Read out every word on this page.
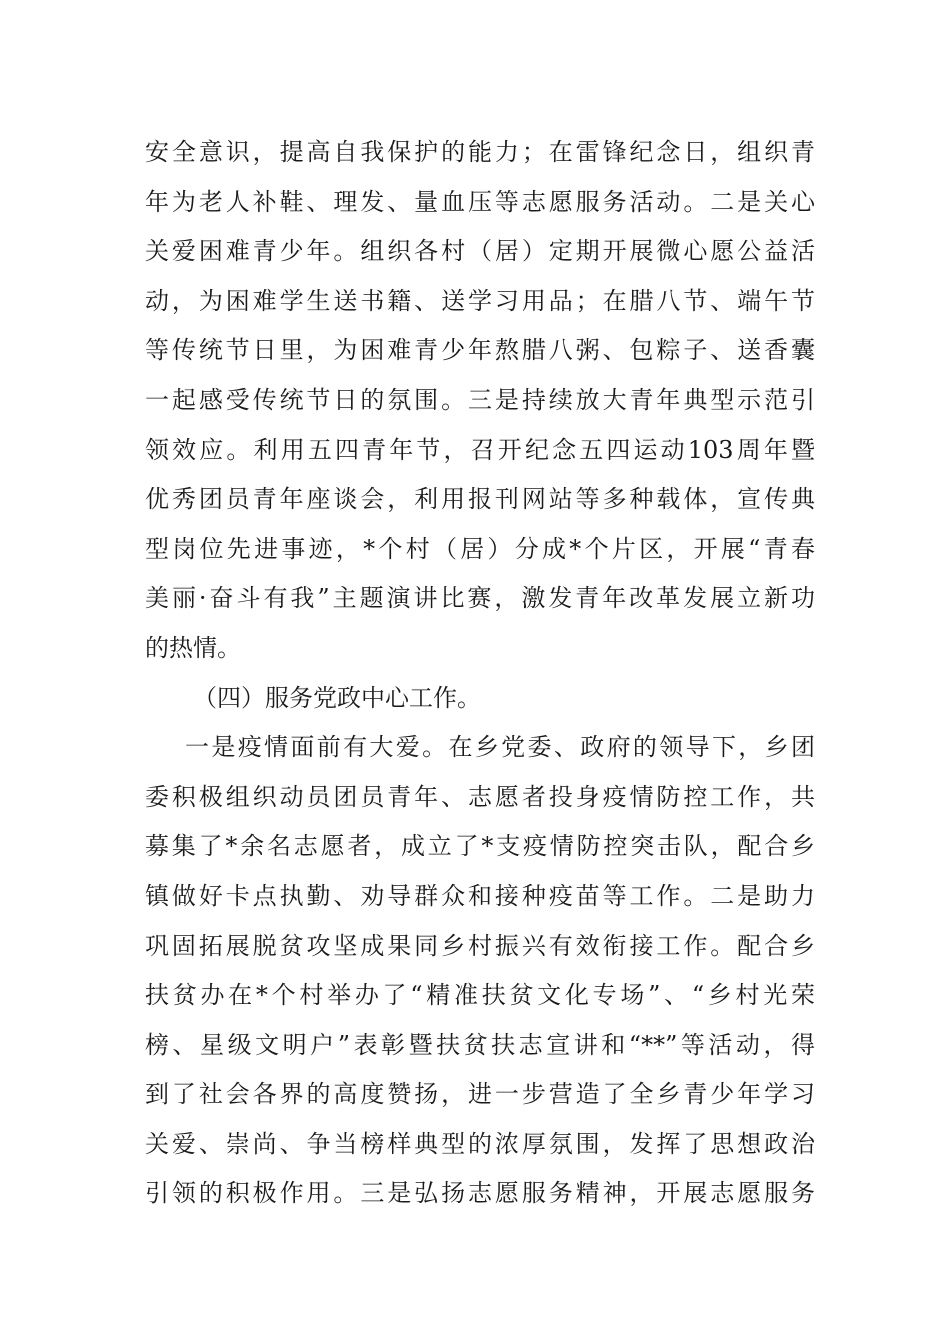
安全意识，提高自我保护的能力；在雷锋纪念日，组织青
年为老人补鞋、理发、量血压等志愿服务活动。二是关心
关爱困难青少年。组织各村（居）定期开展微心愿公益活
动，为困难学生送书籍、送学习用品；在腊八节、端午节
等传统节日里，为困难青少年熬腊八粥、包粽子、送香囊
一起感受传统节日的氛围。三是持续放大青年典型示范引
领效应。利用五四青年节，召开纪念五四运动103周年暨
优秀团员青年座谈会，利用报刊网站等多种载体，宣传典
型岗位先进事迹，*个村（居）分成*个片区，开展“青春
美丽·奋斗有我”主题演讲比赛，激发青年改革发展立新功
的热情。
（四）服务党政中心工作。
一是疫情面前有大爱。在乡党委、政府的领导下，乡团
委积极组织动员团员青年、志愿者投身疫情防控工作，共
募集了*余名志愿者，成立了*支疫情防控突击队，配合乡
镇做好卡点执勤、劝导群众和接种疫苗等工作。二是助力
巩固拓展脱贫攻坚成果同乡村振兴有效衔接工作。配合乡
扶贫办在*个村举办了“精准扶贫文化专场”、“乡村光荣
榜、星级文明户”表彰暨扶贫扶志宣讲和“**”等活动，得
到了社会各界的高度赞扬，进一步营造了全乡青少年学习
关爱、崇尚、争当榜样典型的浓厚氛围，发挥了思想政治
引领的积极作用。三是弘扬志愿服务精神，开展志愿服务
